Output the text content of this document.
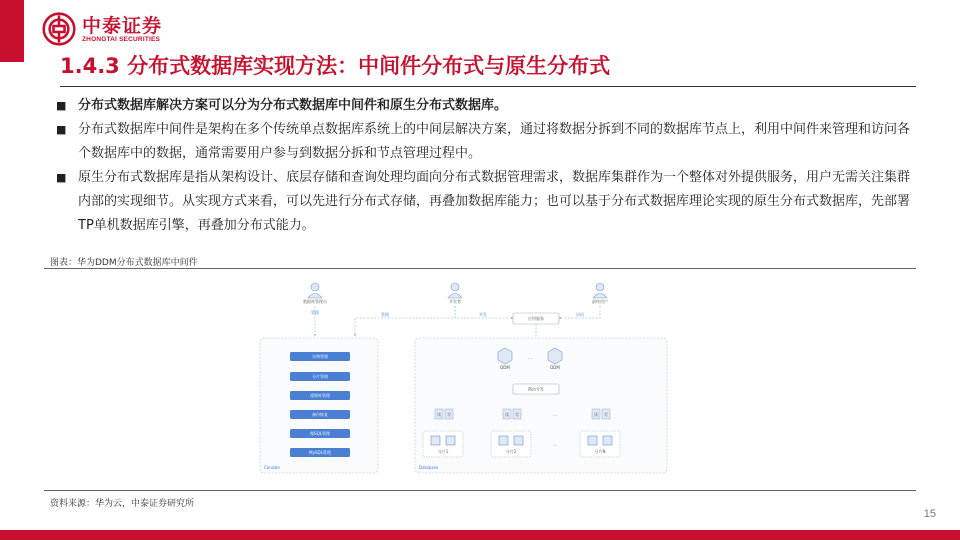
中泰证券
ZHONGTAI SECURITIES
1.4.3 分布式数据库实现方法：中间件分布式与原生分布式
■ 分布式数据库解决方案可以分为分布式数据库中间件和原生分布式数据库。
■ 分布式数据库中间件是架构在多个传统单点数据库系统上的中间层解决方案，通过将数据分拆到不同的数据库节点上，利用中间件来管理和访问各个数据库中的数据，通常需要用户参与到数据分拆和节点管理过程中。
■ 原生分布式数据库是指从架构设计、底层存储和查询处理均面向分布式数据管理需求，数据库集群作为一个整体对外提供服务，用户无需关注集群内部的实现细节。从实现方式来看，可以先进行分布式存储，再叠加数据库能力；也可以基于分布式数据库理论实现的原生分布式数据库，先部署TP单机数据库引擎，再叠加分布式能力。
图表：华为DDM分布式数据库中间件
数据库管理员	开发者	最终用户
管理	管理	开发	访问
实例管理
分片管理
逻辑库管理
备份恢复
慢SQL管理
MySQL管理
Console
应用服务
DDM
...
DDM
路由分发
读 写
分片1
读 写
分片2
...
...
读 写
分片N
Database
资料来源：华为云，中泰证券研究所
15
